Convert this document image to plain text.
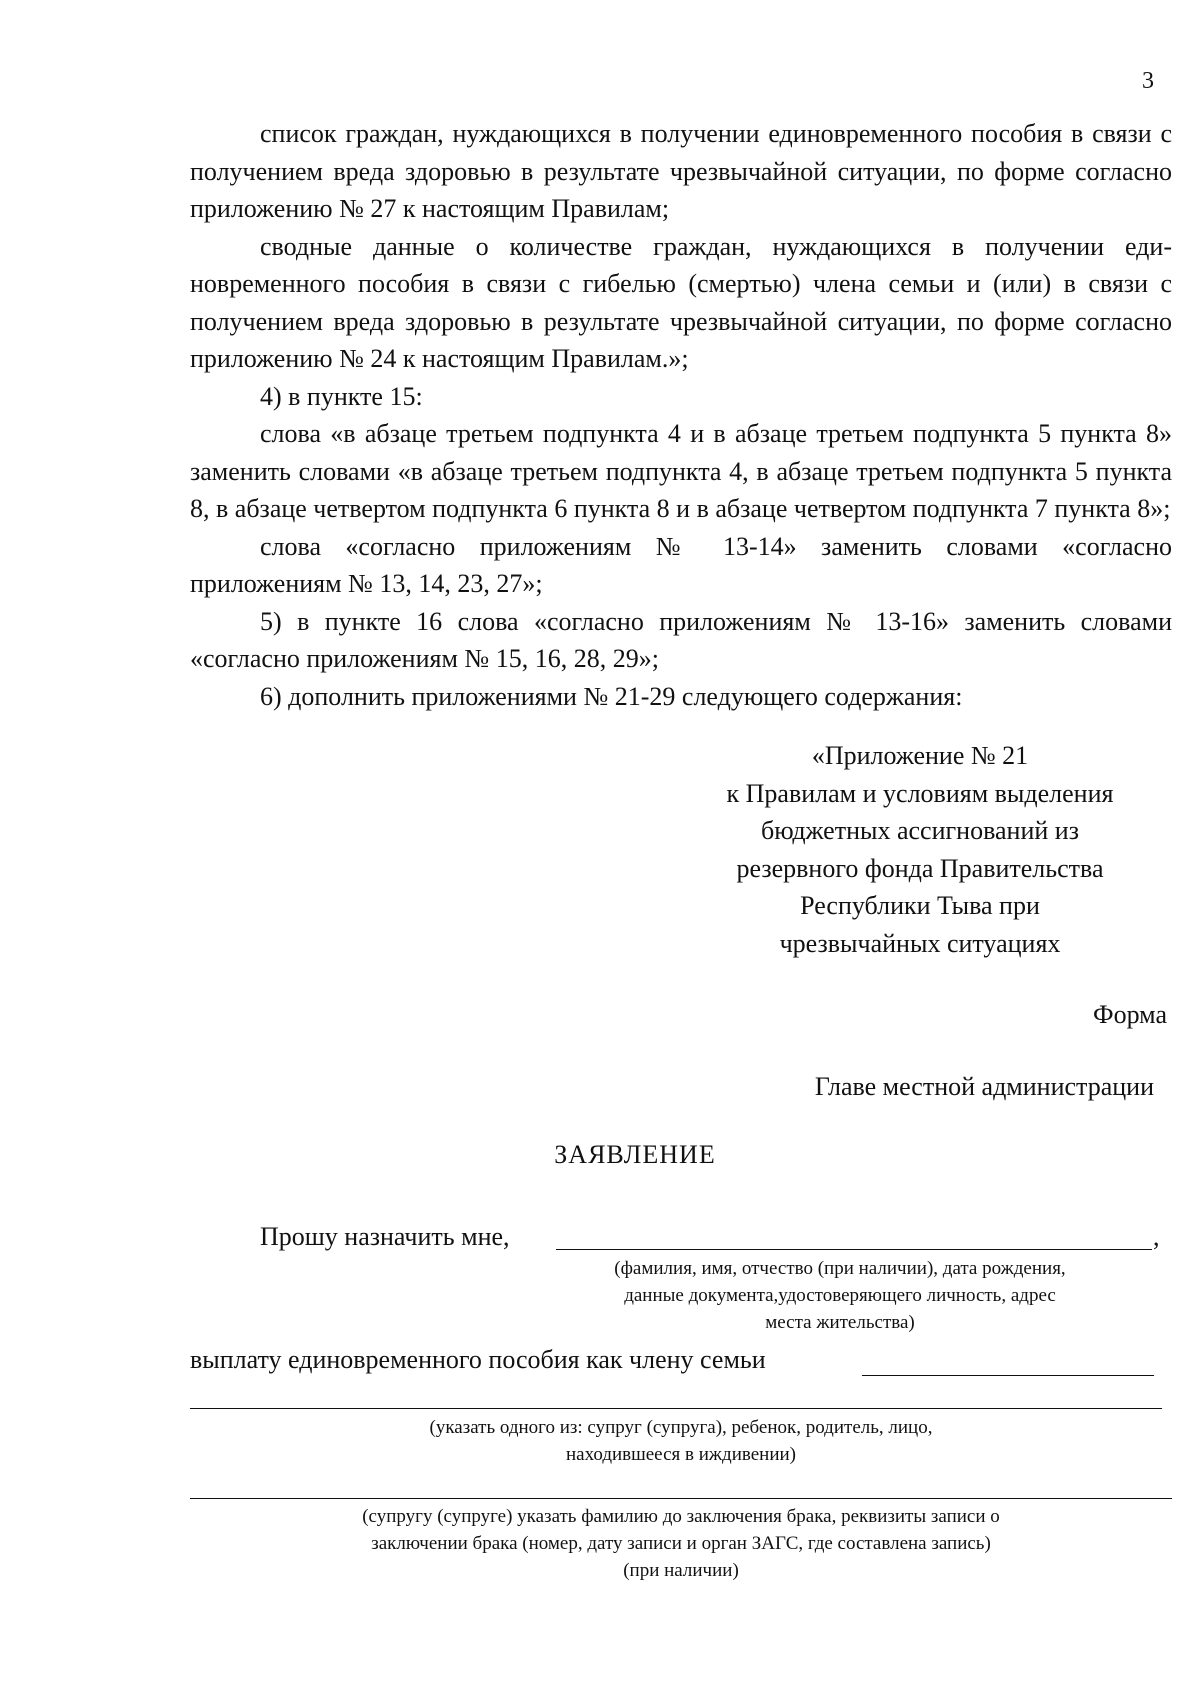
3

список граждан, нуждающихся в получении единовременного пособия в связи с получением вреда здоровью в результате чрезвычайной ситуации, по форме согласно приложению № 27 к настоящим Правилам;

сводные данные о количестве граждан, нуждающихся в получении единовременного пособия в связи с гибелью (смертью) члена семьи и (или) в связи с получением вреда здоровью в результате чрезвычайной ситуации, по форме согласно приложению № 24 к настоящим Правилам.»;

4) в пункте 15:

слова «в абзаце третьем подпункта 4 и в абзаце третьем подпункта 5 пункта 8» заменить словами «в абзаце третьем подпункта 4, в абзаце третьем подпункта 5 пункта 8, в абзаце четвертом подпункта 6 пункта 8 и в абзаце четвертом подпункта 7 пункта 8»;

слова «согласно приложениям № 13-14» заменить словами «согласно приложениям № 13, 14, 23, 27»;

5) в пункте 16 слова «согласно приложениям № 13-16» заменить словами «согласно приложениям № 15, 16, 28, 29»;

6) дополнить приложениями № 21-29 следующего содержания:

«Приложение № 21
к Правилам и условиям выделения
бюджетных ассигнований из
резервного фонда Правительства
Республики Тыва при
чрезвычайных ситуациях
Форма
Главе местной администрации
ЗАЯВЛЕНИЕ
Прошу назначить мне,	,
(фамилия, имя, отчество (при наличии), дата рождения,
данные документа,удостоверяющего личность, адрес
места жительства)
выплату единовременного пособия как члену семьи
(указать одного из: супруг (супруга), ребенок, родитель, лицо,
находившееся в иждивении)
(супругу (супруге) указать фамилию до заключения брака, реквизиты записи о
заключении брака (номер, дату записи и орган ЗАГС, где составлена запись)
(при наличии)
